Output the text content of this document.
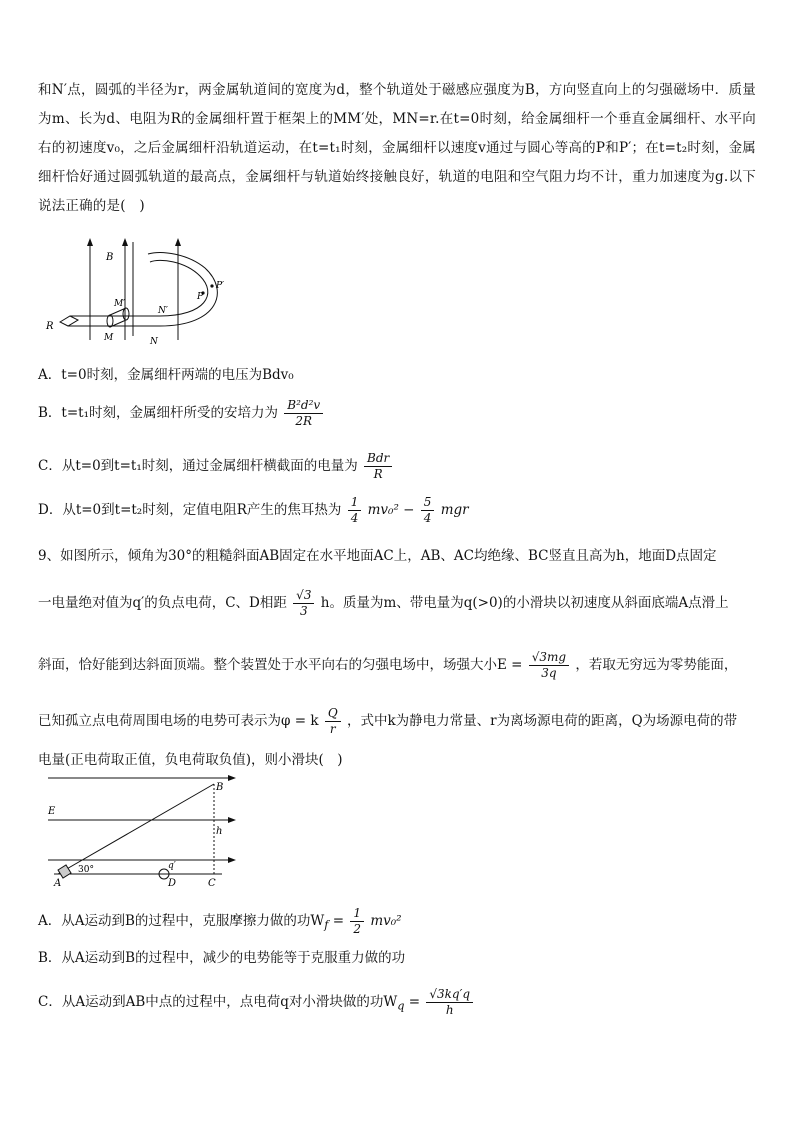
和N′点，圆弧的半径为r，两金属轨道间的宽度为d，整个轨道处于磁感应强度为B，方向竖直向上的匀强磁场中．质量为m、长为d、电阻为R的金属细杆置于框架上的MM′处，MN=r.在t=0时刻，给金属细杆一个垂直金属细杆、水平向右的初速度v₀，之后金属细杆沿轨道运动，在t=t₁时刻，金属细杆以速度v通过与圆心等高的P和P′；在t=t₂时刻，金属细杆恰好通过圆弧轨道的最高点，金属细杆与轨道始终接触良好，轨道的电阻和空气阻力均不计，重力加速度为g.以下说法正确的是(　)
B
R
M′
M
N′
N
P
P′
A．t=0时刻，金属细杆两端的电压为Bdv₀
B．t=t₁时刻，金属细杆所受的安培力为 $\frac{\text{B²d²v}}{2R}$
C．从t=0到t=t₁时刻，通过金属细杆横截面的电量为 $\frac{\text{Bdr}}{R}$
D．从t=0到t=t₂时刻，定值电阻R产生的焦耳热为 $\frac{1}{4} mv_0^2 - \frac{5}{4}$ mgr
9、如图所示，倾角为30°的粗糙斜面AB固定在水平地面AC上，AB、AC均绝缘、BC竖直且高为h，地面D点固定
一电量绝对值为q′的负点电荷，C、D相距 $\frac{√3}{3}$ h。质量为m、带电量为q(>0)的小滑块以初速度从斜面底端A点滑上
斜面，恰好能到达斜面顶端。整个装置处于水平向右的匀强电场中，场强大小$E = \frac{√3mg}{3q}$ ，若取无穷远为零势能面，
已知孤立点电荷周围电场的电势可表示为φ = k $\frac{Q}{r}$ ，式中k为静电力常量、r为离场源电荷的距离，Q为场源电荷的带
电量(正电荷取正值，负电荷取负值)，则小滑块(　)
E
B
h
30°	q′
A	D	C
A．从A运动到B的过程中，克服摩擦力做的功$W_f = \frac{1}{2} mv_0^2$
B．从A运动到B的过程中，减少的电势能等于克服重力做的功
C．从A运动到AB中点的过程中，点电荷q对小滑块做的功$W_q = \frac{√3kq'q}{h}$
